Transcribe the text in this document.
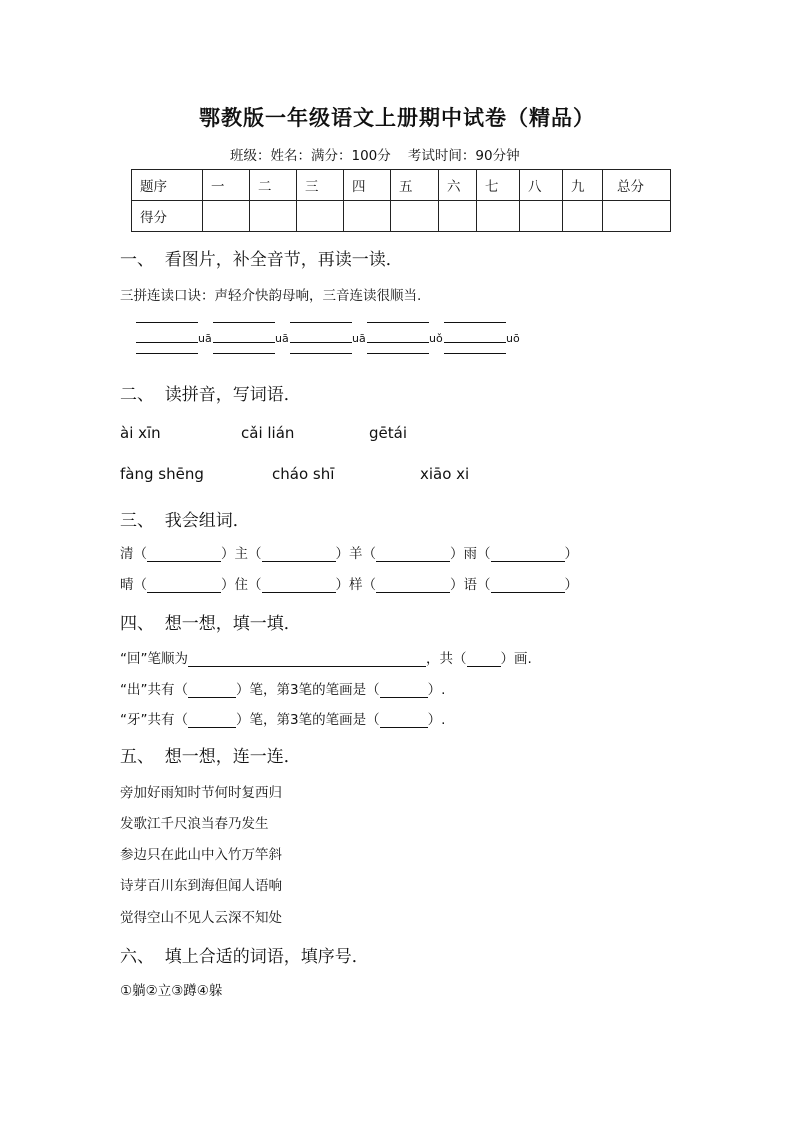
鄂教版一年级语文上册期中试卷（精品）
班级：姓名：满分：100分    考试时间：90分钟
题序	一	二	三	四	五	六	七	八	九	总分
得分										
一、  看图片，补全音节，再读一读．
三拼连读口诀：声轻介快韵母响，三音连读很顺当.
uā	uā	uā	uǒ	uō
二、  读拼音，写词语．
ài xīn	cǎi lián	gētái
fàng shēng	cháo shī	xiāo xi
三、  我会组词．
清（	）主（	）羊（	）雨（	）
晴（	）住（	）样（	）语（	）
四、  想一想，填一填．
“回”笔顺为	，共（	）画.
“出”共有（	）笔，第3笔的笔画是（	）.
“牙”共有（	）笔，第3笔的笔画是（	）.
五、  想一想，连一连．
旁加好雨知时节何时复西归
发歌江千尺浪当春乃发生
参边只在此山中入竹万竿斜
诗芽百川东到海但闻人语响
觉得空山不见人云深不知处
六、  填上合适的词语，填序号．
①躺②立③蹲④躲
